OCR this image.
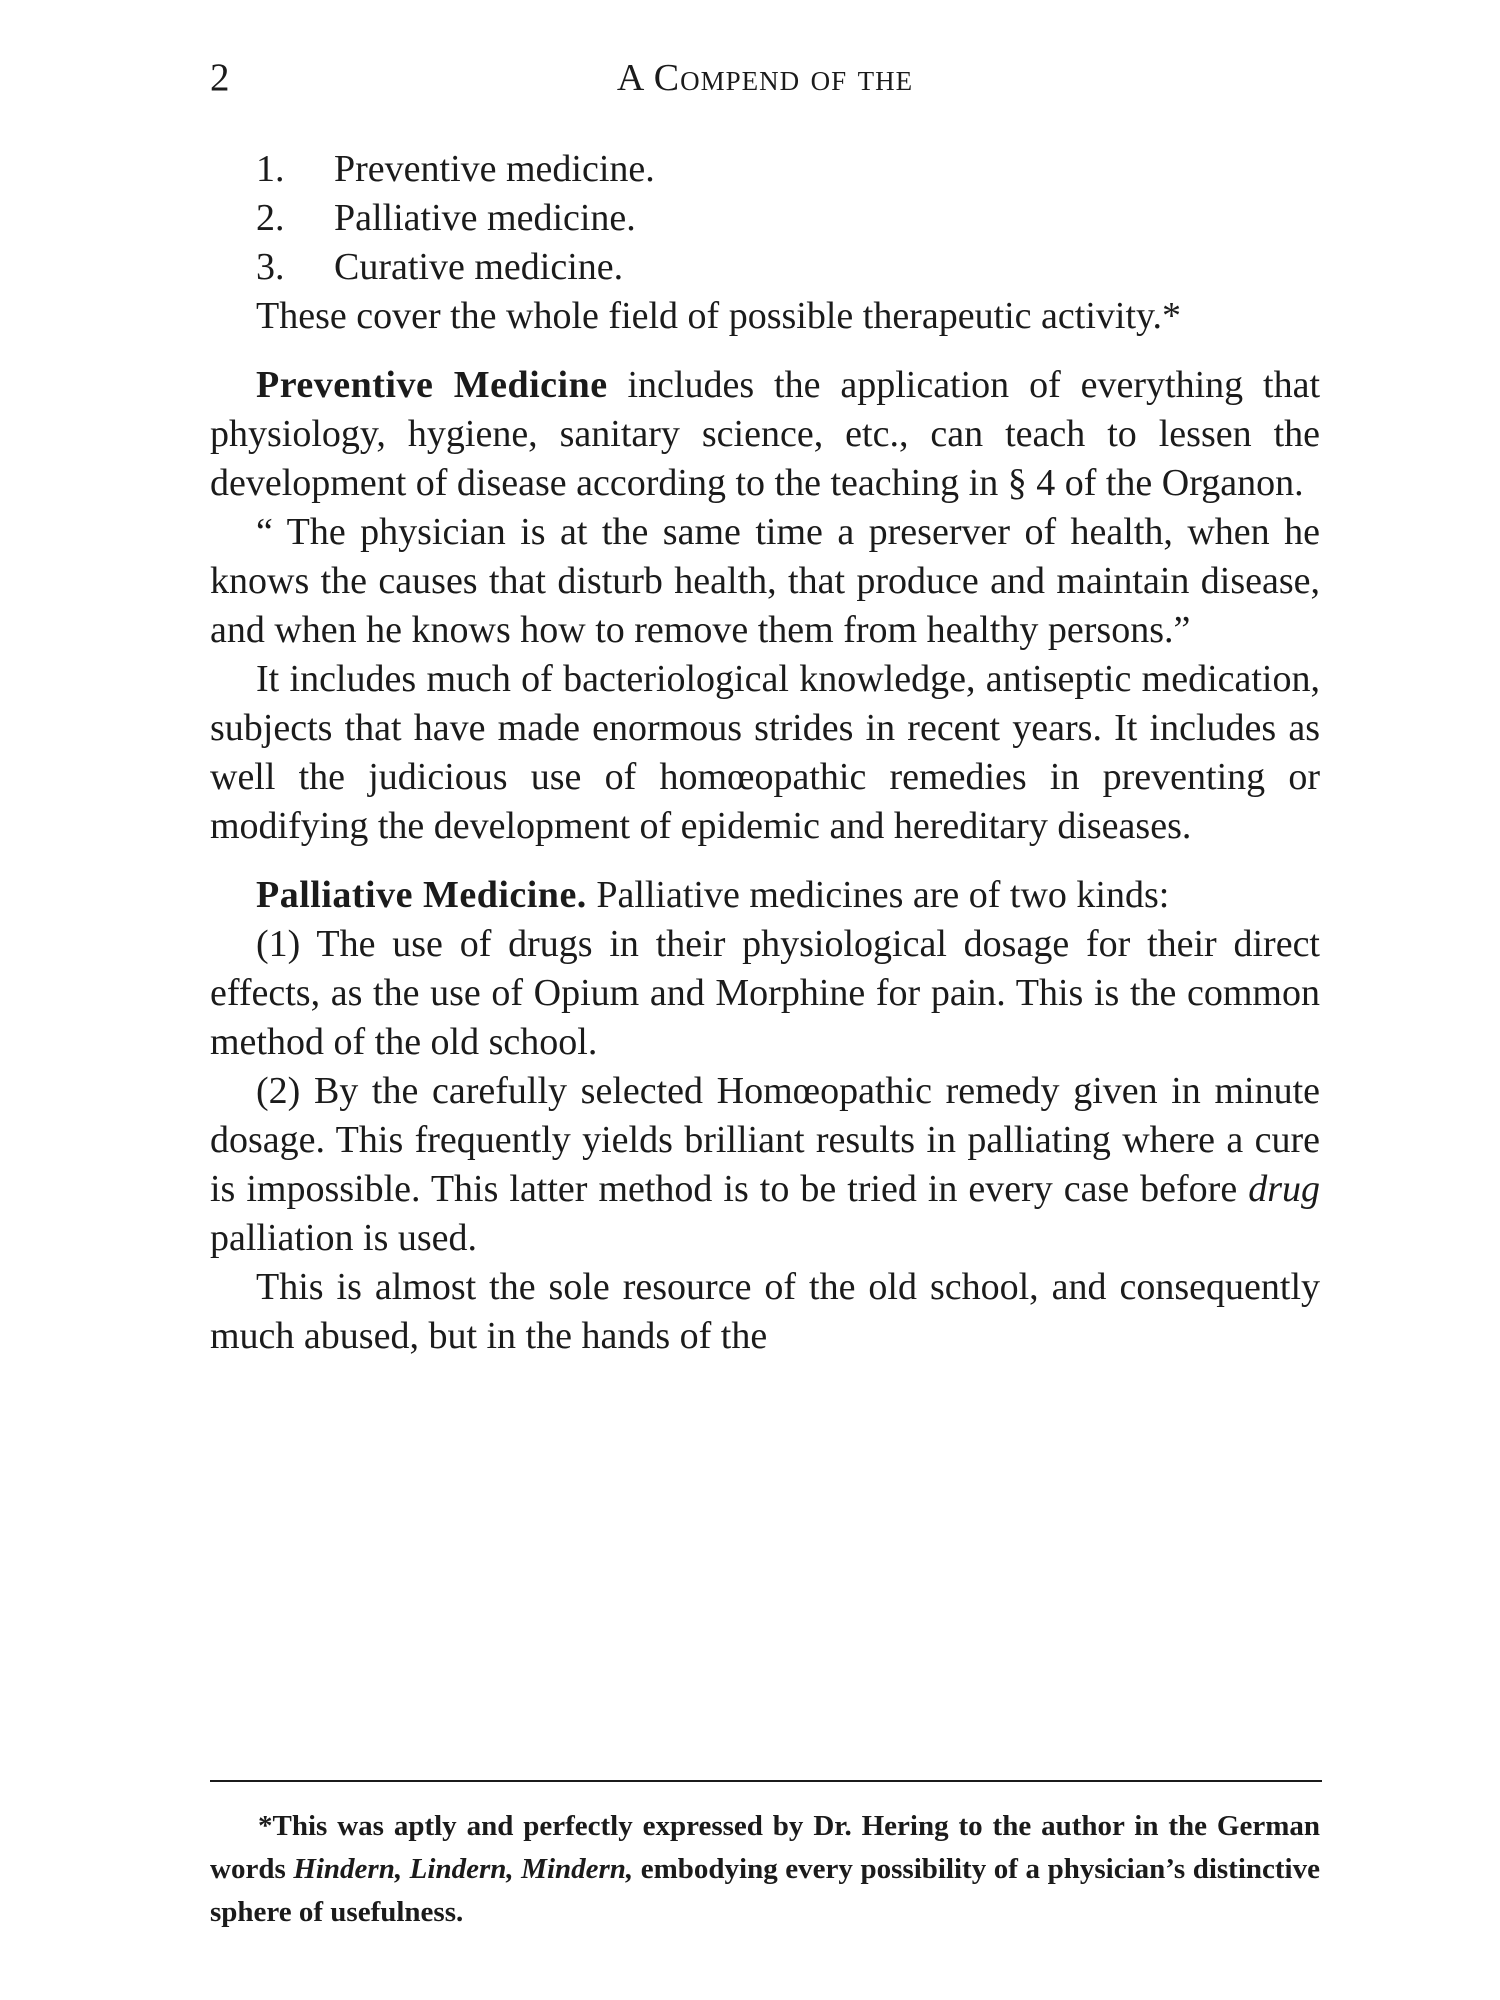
2	A Compend of the
1. Preventive medicine.
2. Palliative medicine.
3. Curative medicine.

These cover the whole field of possible therapeutic activity.*

Preventive Medicine includes the application of everything that physiology, hygiene, sanitary science, etc., can teach to lessen the development of disease according to the teaching in § 4 of the Organon.

“ The physician is at the same time a preserver of health, when he knows the causes that disturb health, that produce and maintain disease, and when he knows how to remove them from healthy persons.”

It includes much of bacteriological knowledge, antiseptic medication, subjects that have made enormous strides in recent years. It includes as well the judicious use of homœopathic remedies in preventing or modifying the development of epidemic and hereditary diseases.

Palliative Medicine. Palliative medicines are of two kinds:

(1) The use of drugs in their physiological dosage for their direct effects, as the use of Opium and Morphine for pain. This is the common method of the old school.

(2) By the carefully selected Homœopathic remedy given in minute dosage. This frequently yields brilliant results in palliating where a cure is impossible. This latter method is to be tried in every case before drug palliation is used.

This is almost the sole resource of the old school, and consequently much abused, but in the hands of the

*This was aptly and perfectly expressed by Dr. Hering to the author in the German words Hindern, Lindern, Mindern, embodying every possibility of a physician’s distinctive sphere of usefulness.
